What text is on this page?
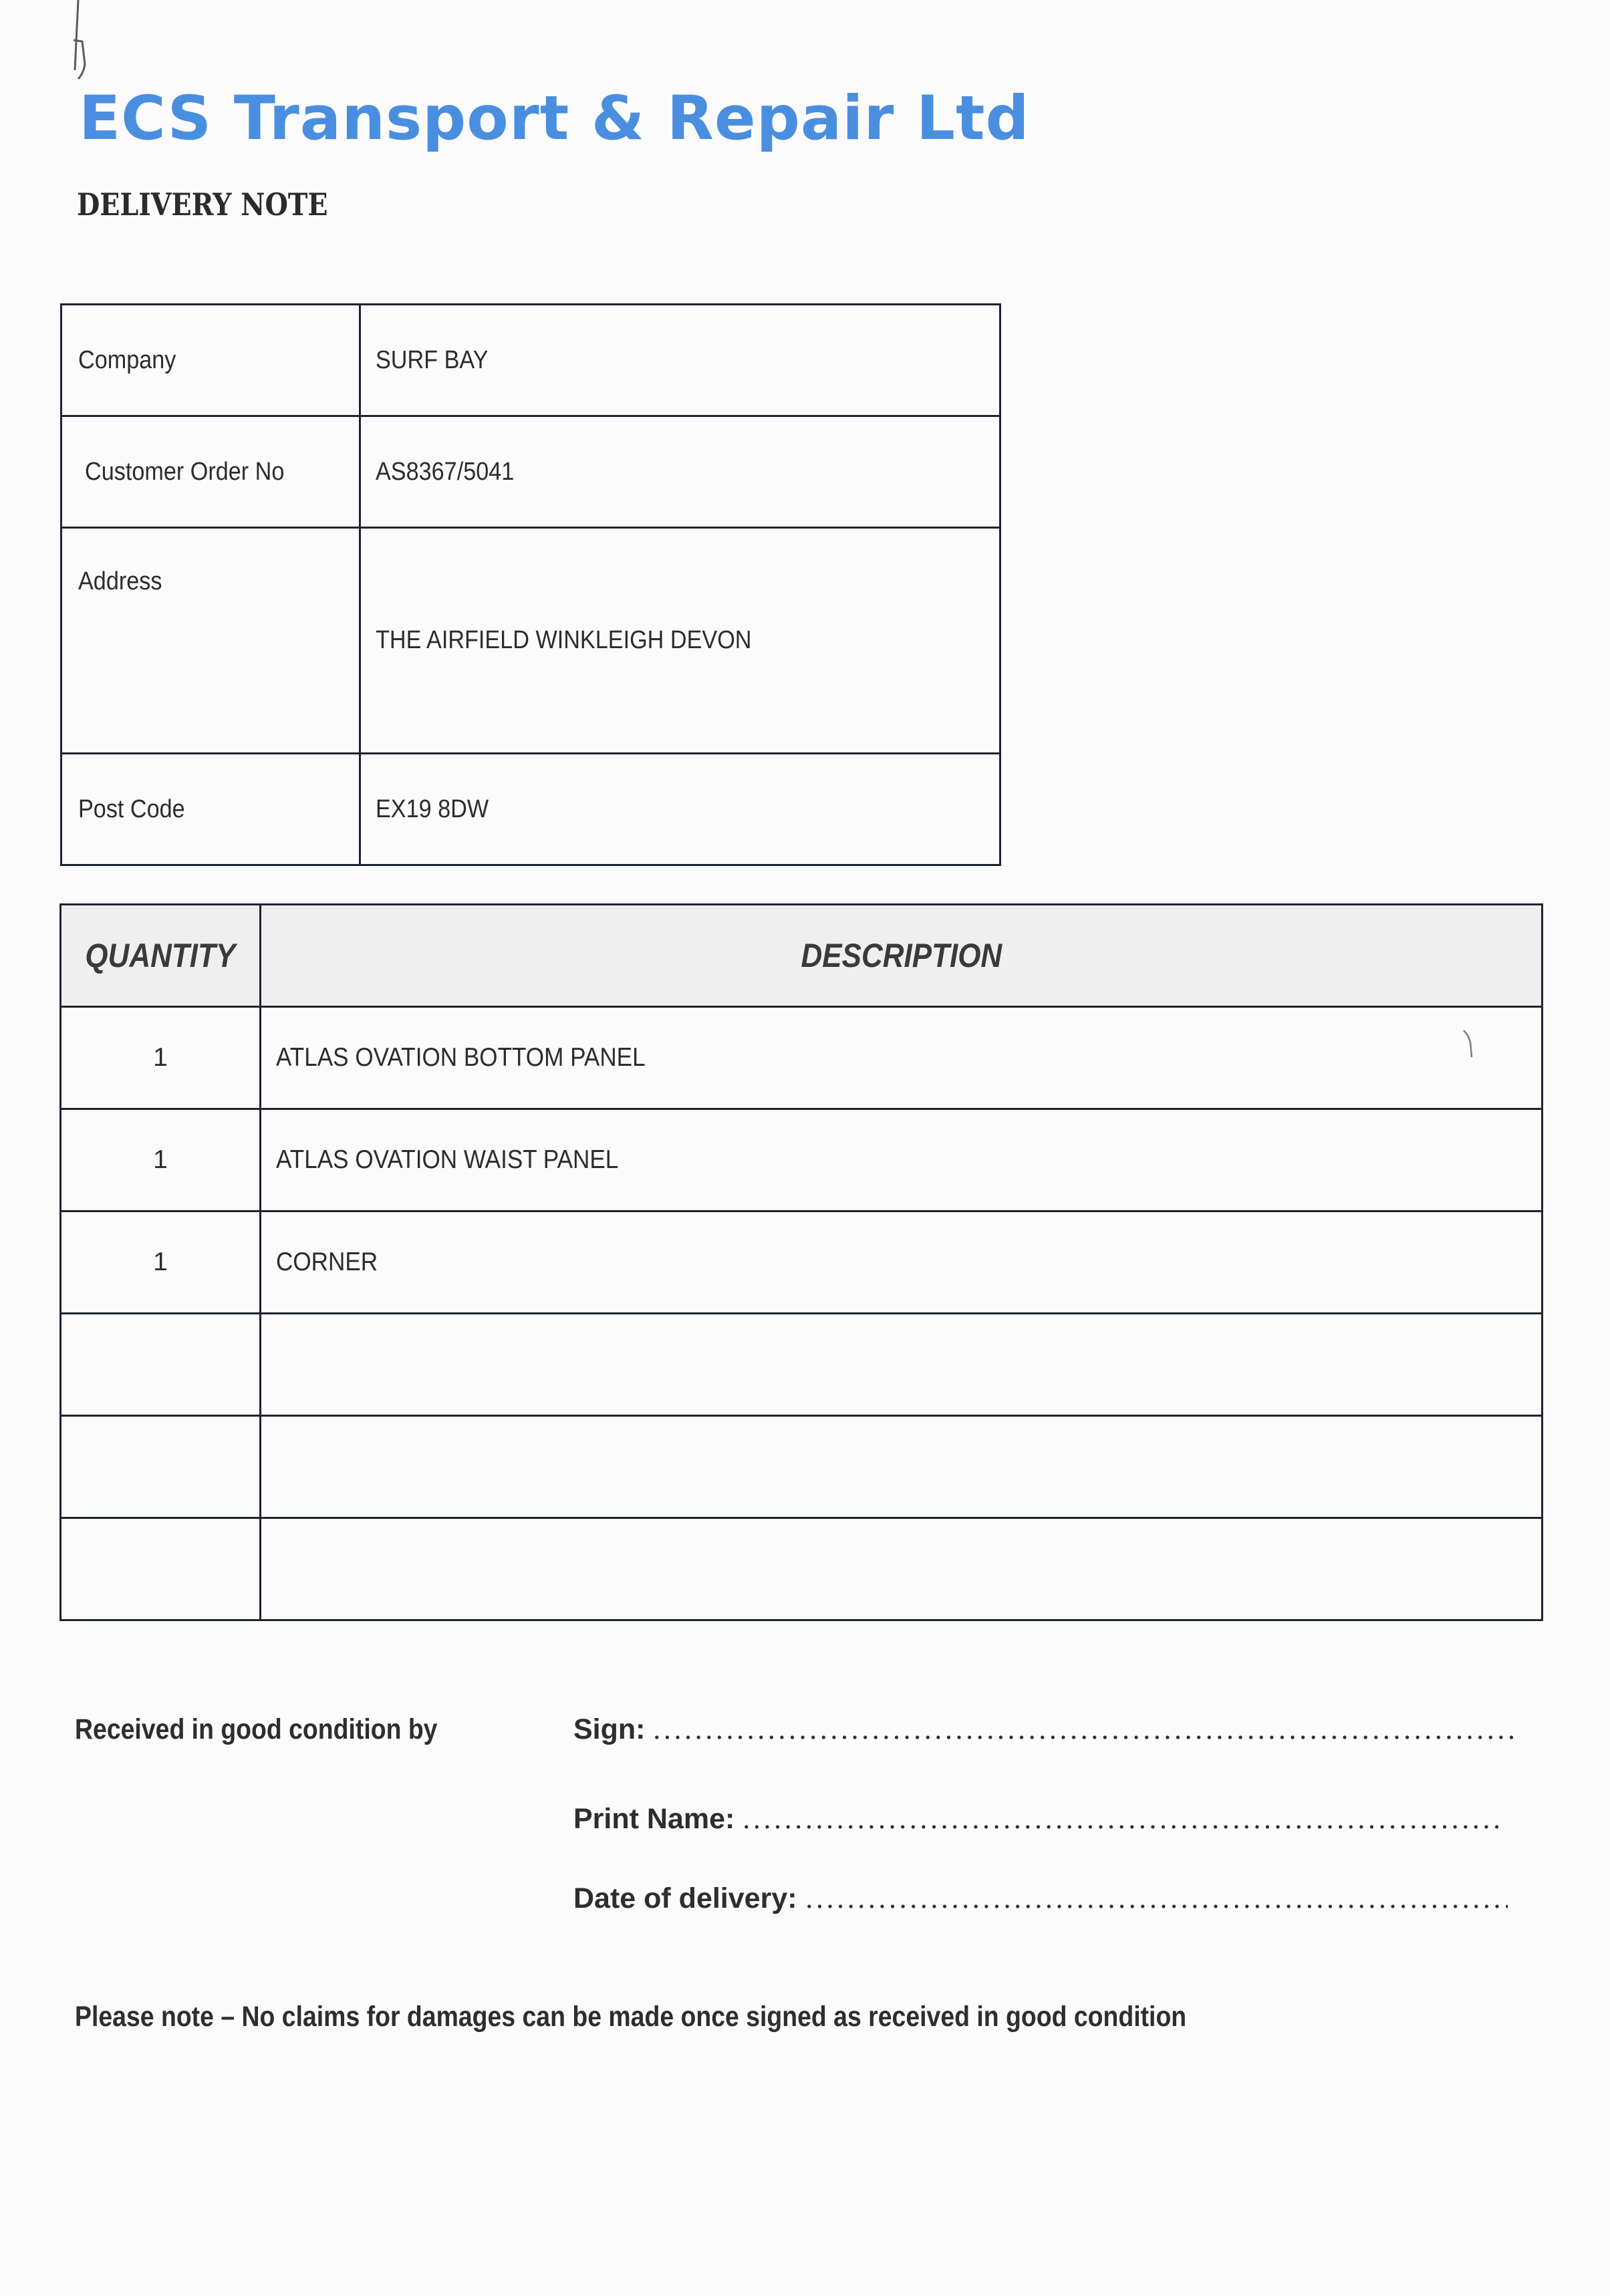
ECS Transport & Repair Ltd
DELIVERY NOTE
Company	SURF BAY
Customer Order No	AS8367/5041
Address	THE AIRFIELD WINKLEIGH DEVON
Post Code	EX19 8DW
QUANTITY	DESCRIPTION
1	ATLAS OVATION BOTTOM PANEL
1	ATLAS OVATION WAIST PANEL
1	CORNER

Received in good condition by	Sign:
Print Name:
Date of delivery:
Please note – No claims for damages can be made once signed as received in good condition
